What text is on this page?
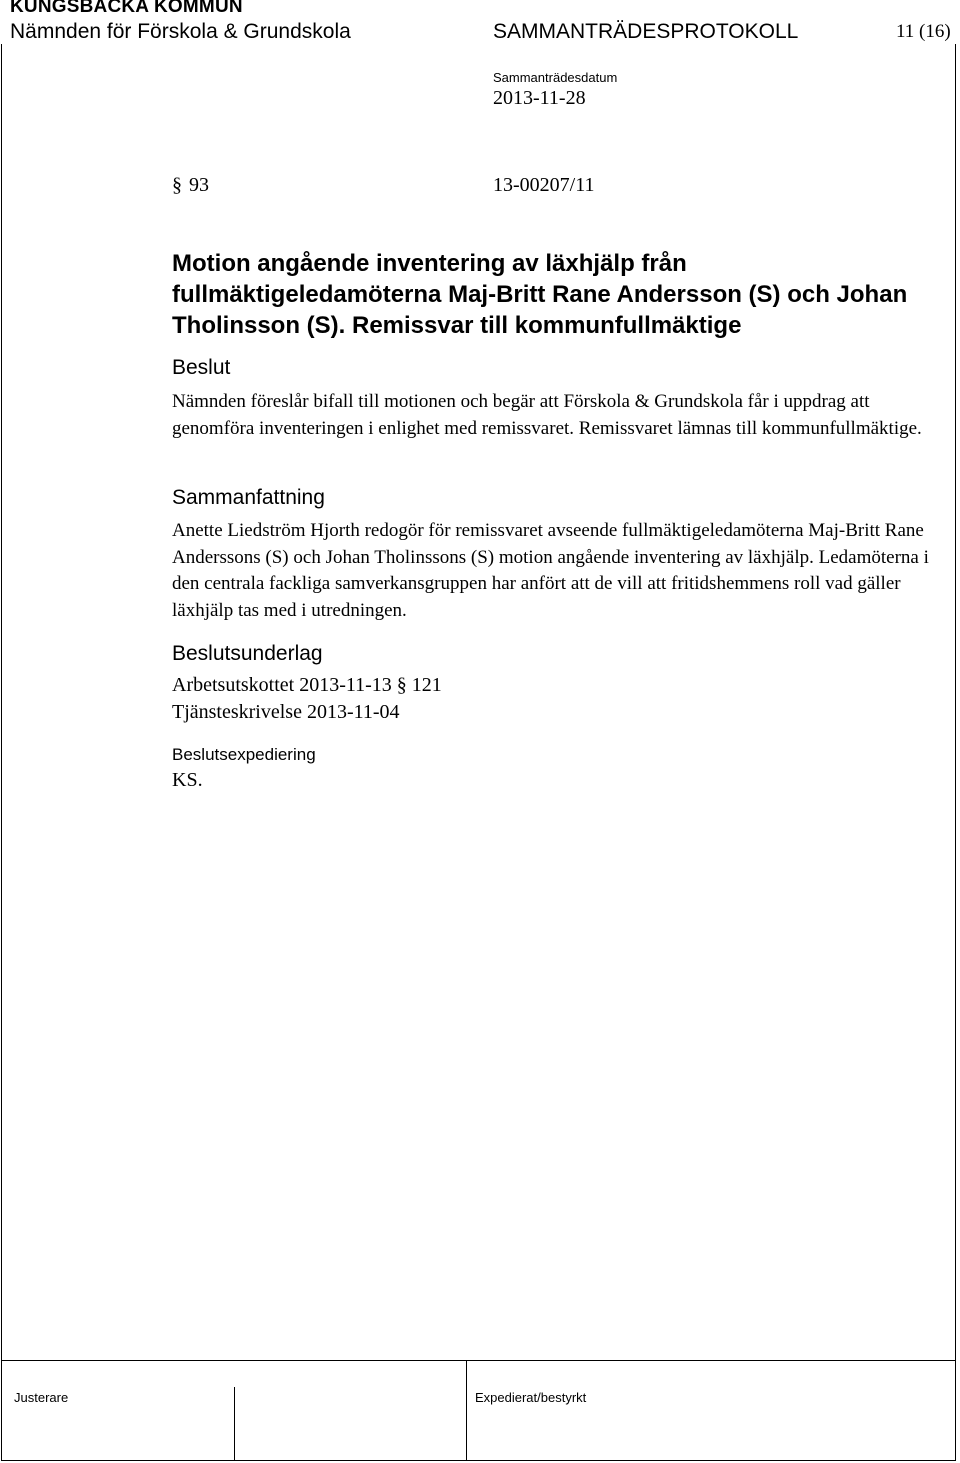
KUNGSBACKA KOMMUN
Nämnden för Förskola & Grundskola	SAMMANTRÄDESPROTOKOLL	11 (16)
Sammanträdesdatum
2013-11-28
§ 93	13-00207/11
Motion angående inventering av läxhjälp från fullmäktigeledamöterna Maj-Britt Rane Andersson (S) och Johan Tholinsson (S). Remissvar till kommunfullmäktige
Beslut
Nämnden föreslår bifall till motionen och begär att Förskola & Grundskola får i uppdrag att genomföra inventeringen i enlighet med remissvaret. Remissvaret lämnas till kommunfullmäktige.
Sammanfattning
Anette Liedström Hjorth redogör för remissvaret avseende fullmäktigeledamöterna Maj-Britt Rane Anderssons (S) och Johan Tholinssons (S) motion angående inventering av läxhjälp. Ledamöterna i den centrala fackliga samverkansgruppen har anfört att de vill att fritidshemmens roll vad gäller läxhjälp tas med i utredningen.
Beslutsunderlag
Arbetsutskottet 2013-11-13 § 121
Tjänsteskrivelse 2013-11-04
Beslutsexpediering
KS.
Justerare	Expedierat/bestyrkt
